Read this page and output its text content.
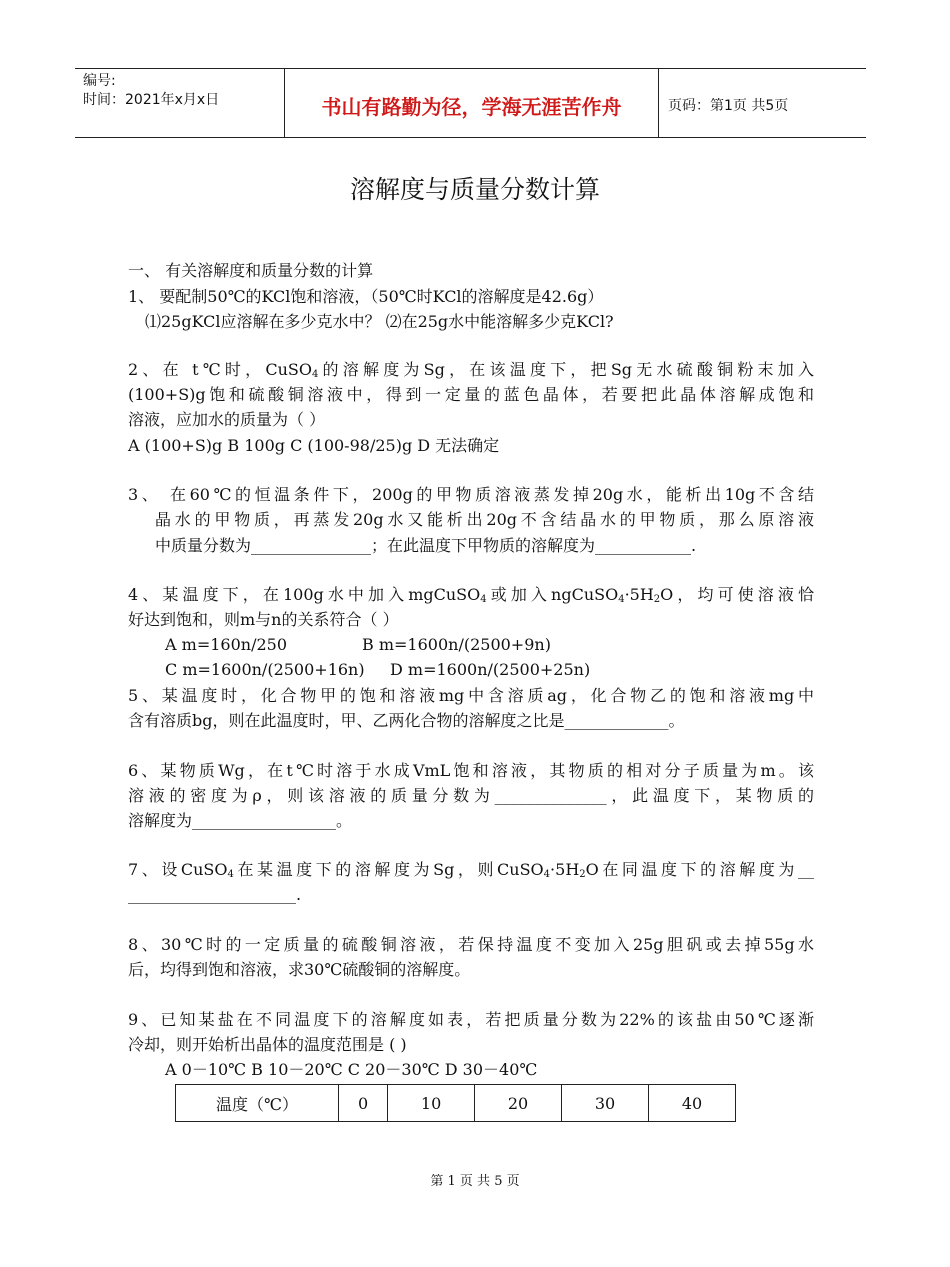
编号:
时间：2021年x月x日	书山有路勤为径，学海无涯苦作舟	页码：第1页 共5页
溶解度与质量分数计算
一、 有关溶解度和质量分数的计算
1、 要配制50℃的KCl饱和溶液，（50℃时KCl的溶解度是42.6g）
⑴25gKCl应溶解在多少克水中？ ⑵在25g水中能溶解多少克KCl?
2、在 t℃时，CuSO$_4$的溶解度为Sg，在该温度下，把Sg无水硫酸铜粉末加入
(100+S)g饱和硫酸铜溶液中，得到一定量的蓝色晶体，若要把此晶体溶解成饱和
溶液，应加水的质量为（ ）
A (100+S)g B 100g C (100-98/25)g D 无法确定
3、 在60℃的恒温条件下，200g的甲物质溶液蒸发掉20g水，能析出10g不含结
晶水的甲物质，再蒸发20g水又能析出20g不含结晶水的甲物质，那么原溶液
中质量分数为_______________；在此温度下甲物质的溶解度为____________.
4、某温度下，在100g水中加入mgCuSO$_4$或加入$ngCuSO_4\cdot 5H_2O$，均可使溶液恰
好达到饱和，则m与n的关系符合（ ）
A m=160n/250	B m=1600n/(2500+9n)
C m=1600n/(2500+16n) D m=1600n/(2500+25n)
5、某温度时，化合物甲的饱和溶液mg中含溶质ag，化合物乙的饱和溶液mg中
含有溶质bg，则在此温度时，甲、乙两化合物的溶解度之比是_____________。
6、某物质Wg，在t℃时溶于水成VmL饱和溶液，其物质的相对分子质量为m。该
溶液的密度为ρ，则该溶液的质量分数为______________，此温度下，某物质的
溶解度为__________________。
7、设CuSO$_4$在某温度下的溶解度为Sg，则$CuSO_4\cdot 5H_2O$在同温度下的溶解度为__
_____________________.
8、30℃时的一定质量的硫酸铜溶液，若保持温度不变加入25g胆矾或去掉55g水
后，均得到饱和溶液，求30℃硫酸铜的溶解度。
9、已知某盐在不同温度下的溶解度如表，若把质量分数为22%的该盐由50℃逐渐
冷却，则开始析出晶体的温度范围是 ( )
A 0－10℃ B 10－20℃ C 20－30℃ D 30－40℃
温度（℃）	0	10	20	30	40
第 1 页 共 5 页
